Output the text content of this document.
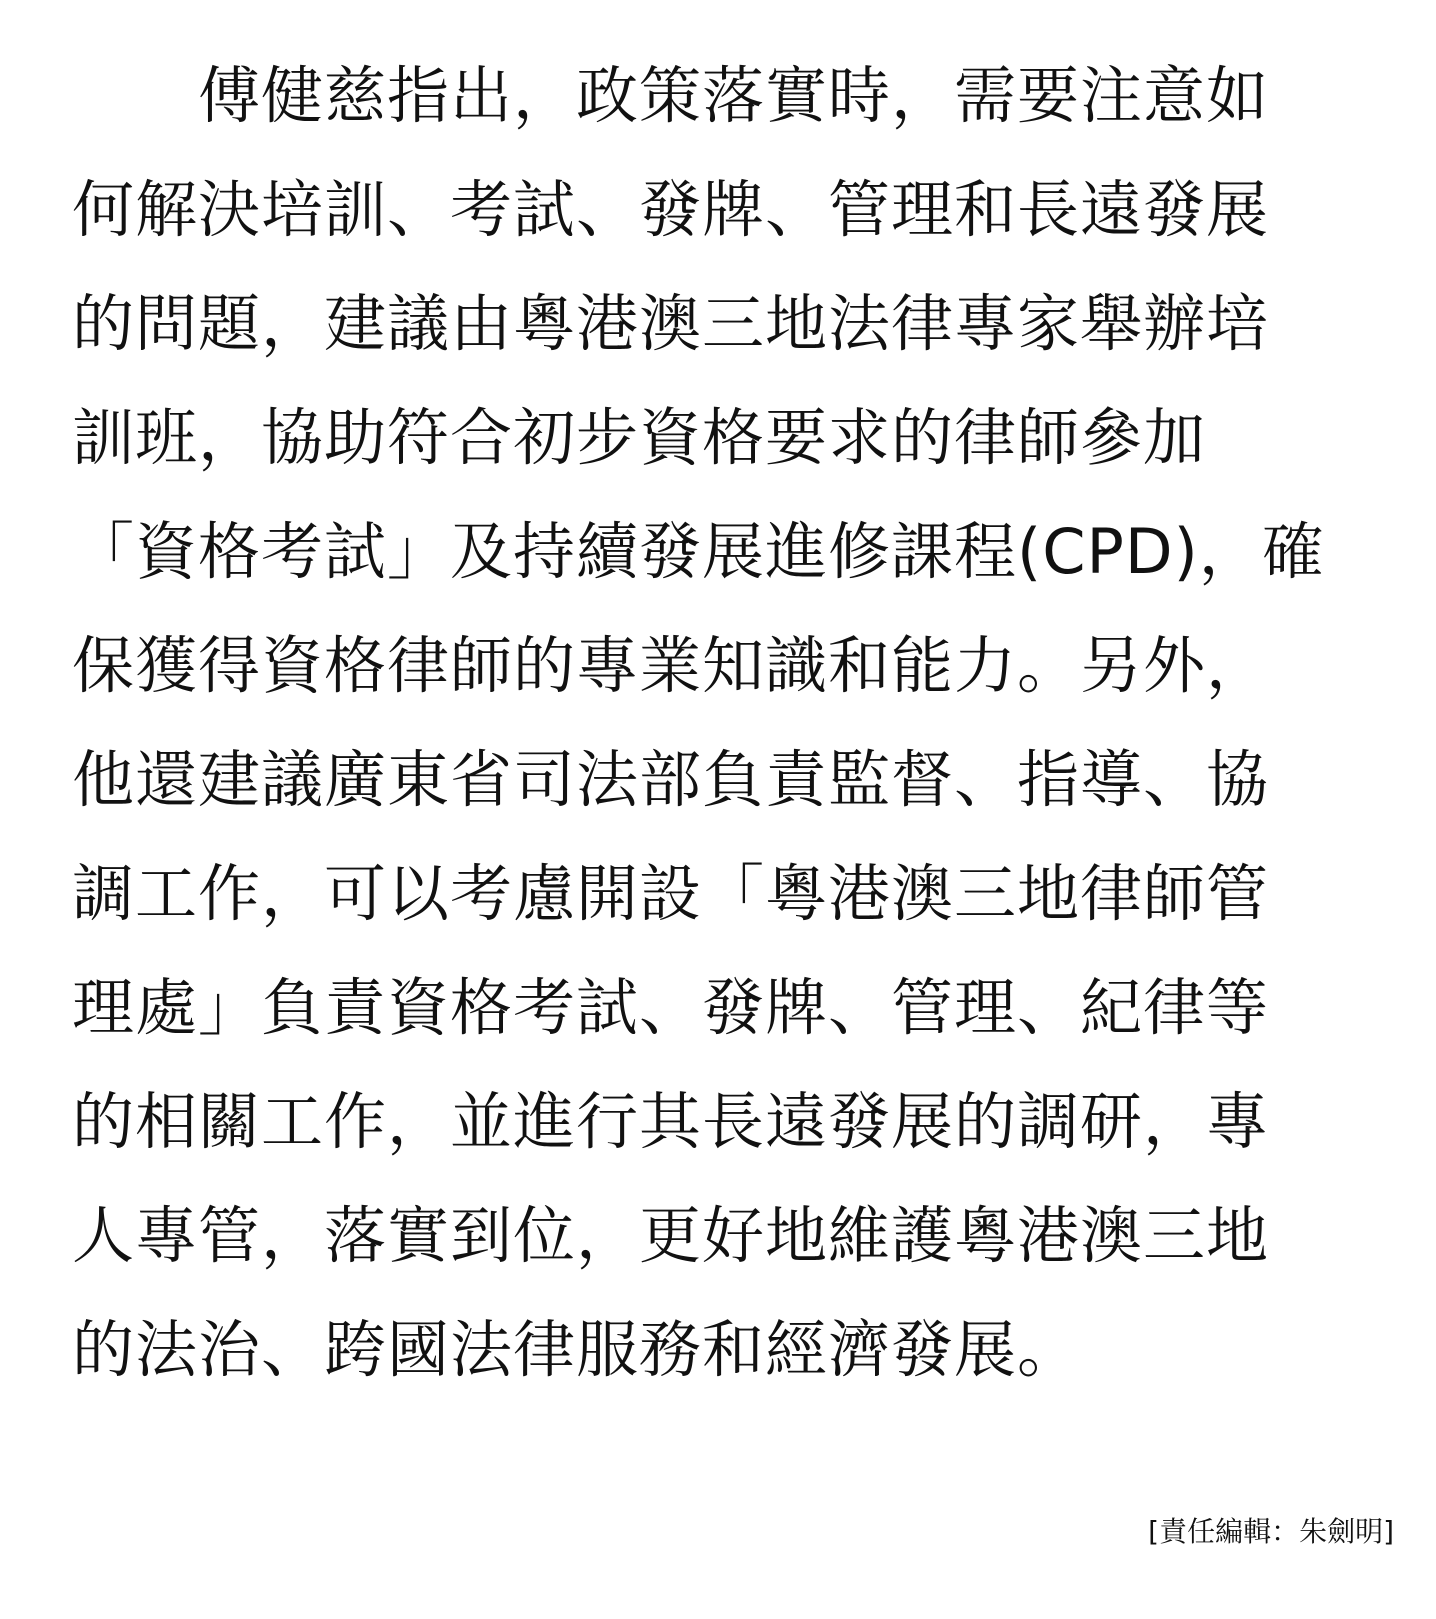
　　傅健慈指出，政策落實時，需要注意如
何解決培訓、考試、發牌、管理和長遠發展
的問題，建議由粵港澳三地法律專家舉辦培
訓班，協助符合初步資格要求的律師參加
「資格考試」及持續發展進修課程(CPD)，確
保獲得資格律師的專業知識和能力。另外，
他還建議廣東省司法部負責監督、指導、協
調工作，可以考慮開設「粵港澳三地律師管
理處」負責資格考試、發牌、管理、紀律等
的相關工作，並進行其長遠發展的調研，專
人專管，落實到位，更好地維護粵港澳三地
的法治、跨國法律服務和經濟發展。
[責任編輯：朱劍明]
